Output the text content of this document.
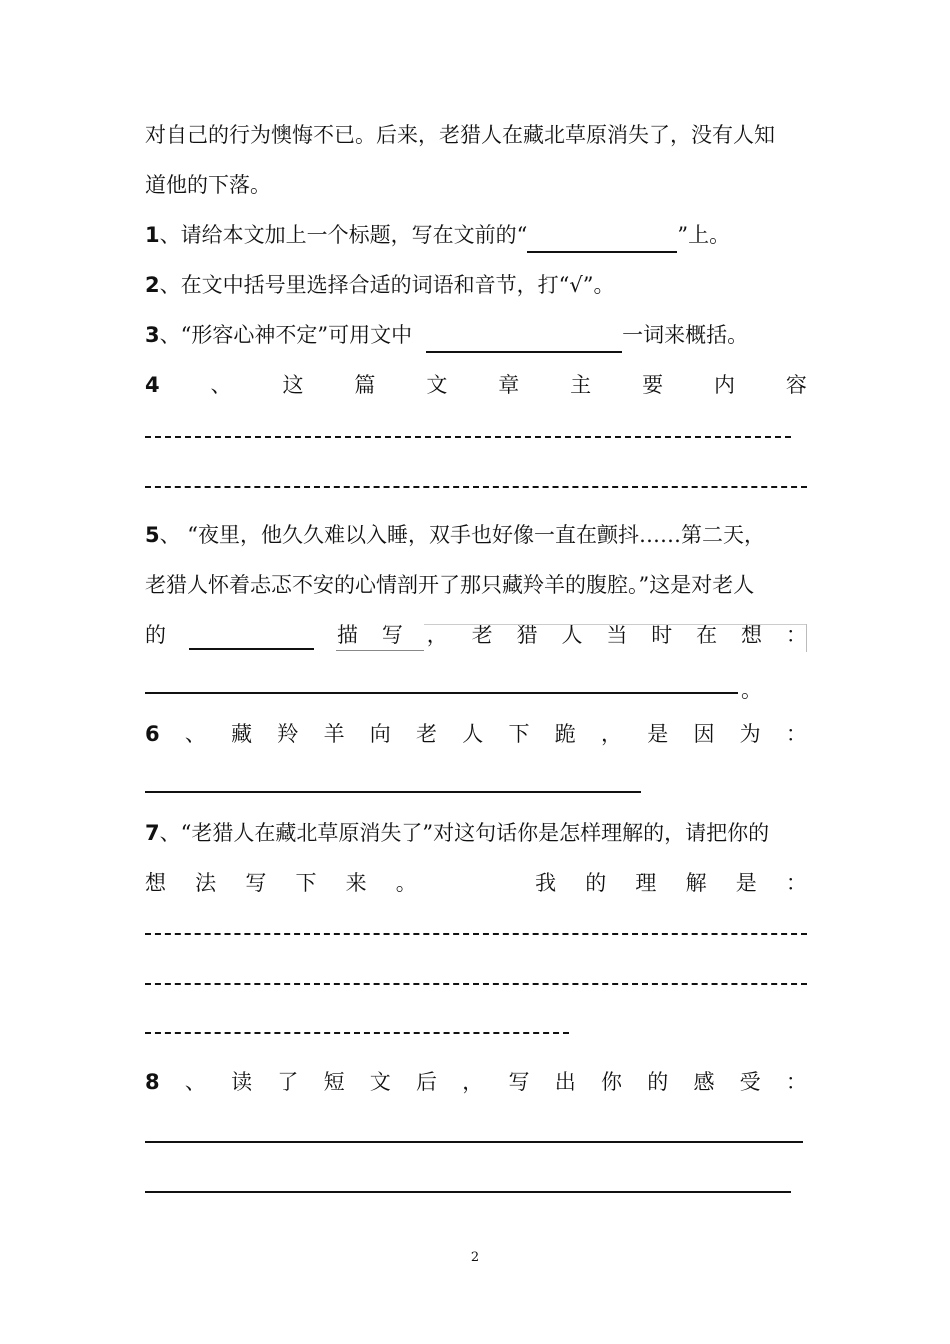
对自己的行为懊悔不已。后来，老猎人在藏北草原消失了，没有人知
道他的下落。
1、请给本文加上一个标题，写在文前的“	”上。
2、在文中括号里选择合适的词语和音节，打“√”。
3、“形容心神不定”可用文中	一词来概括。
4 、 这 篇 文 章 主 要 内 容
5、 “夜里，他久久难以入睡，双手也好像一直在颤抖……第二天，
老猎人怀着忐忑不安的心情剖开了那只藏羚羊的腹腔。”这是对老人
的	描 写 ， 老 猎 人 当 时 在 想 ：
。
6 、 藏 羚 羊 向 老 人 下 跪 ， 是 因 为 ：
7、“老猎人在藏北草原消失了”对这句话你是怎样理解的，请把你的
想 法 写 下 来 。	我 的 理 解 是 ：
8 、 读 了 短 文 后 ， 写 出 你 的 感 受 ：
2
